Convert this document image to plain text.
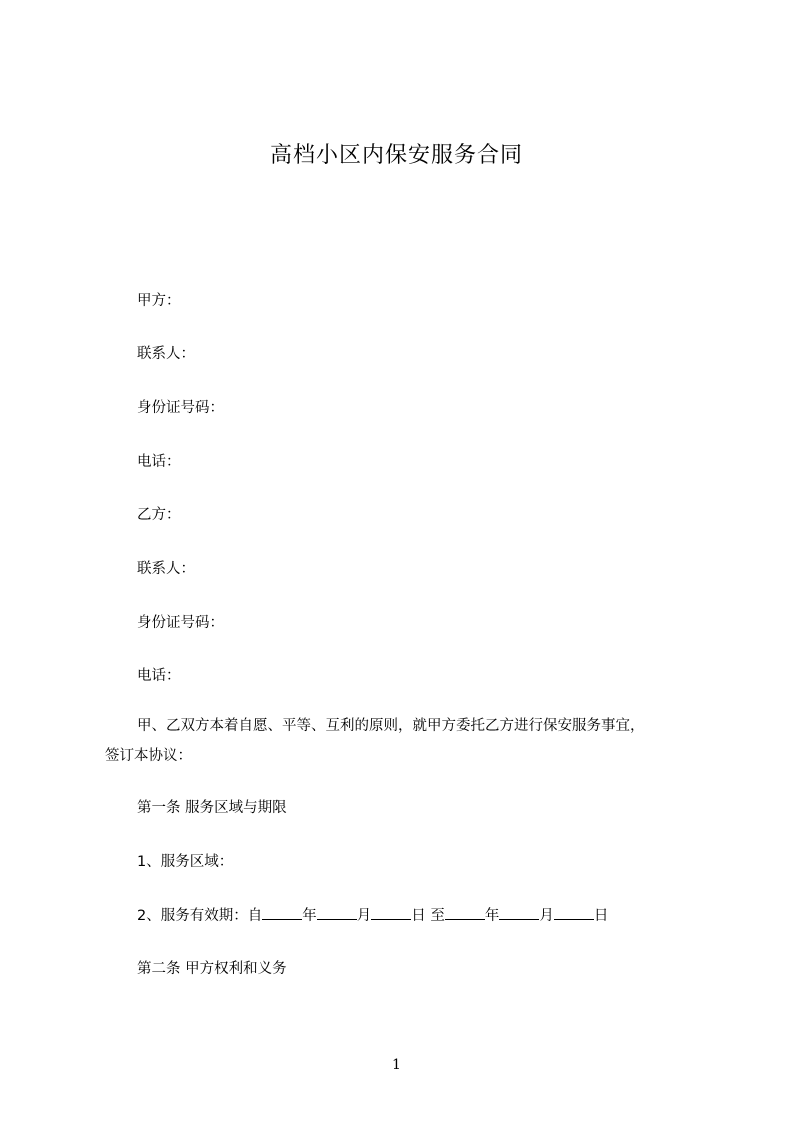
高档小区内保安服务合同
甲方：
联系人：
身份证号码：
电话：
乙方：
联系人：
身份证号码：
电话：
甲、乙双方本着自愿、平等、互利的原则，就甲方委托乙方进行保安服务事宜，
签订本协议：
第一条 服务区域与期限
1、服务区域：
2、服务有效期：自	年	月	日 至	年	月	日
第二条 甲方权利和义务
1
